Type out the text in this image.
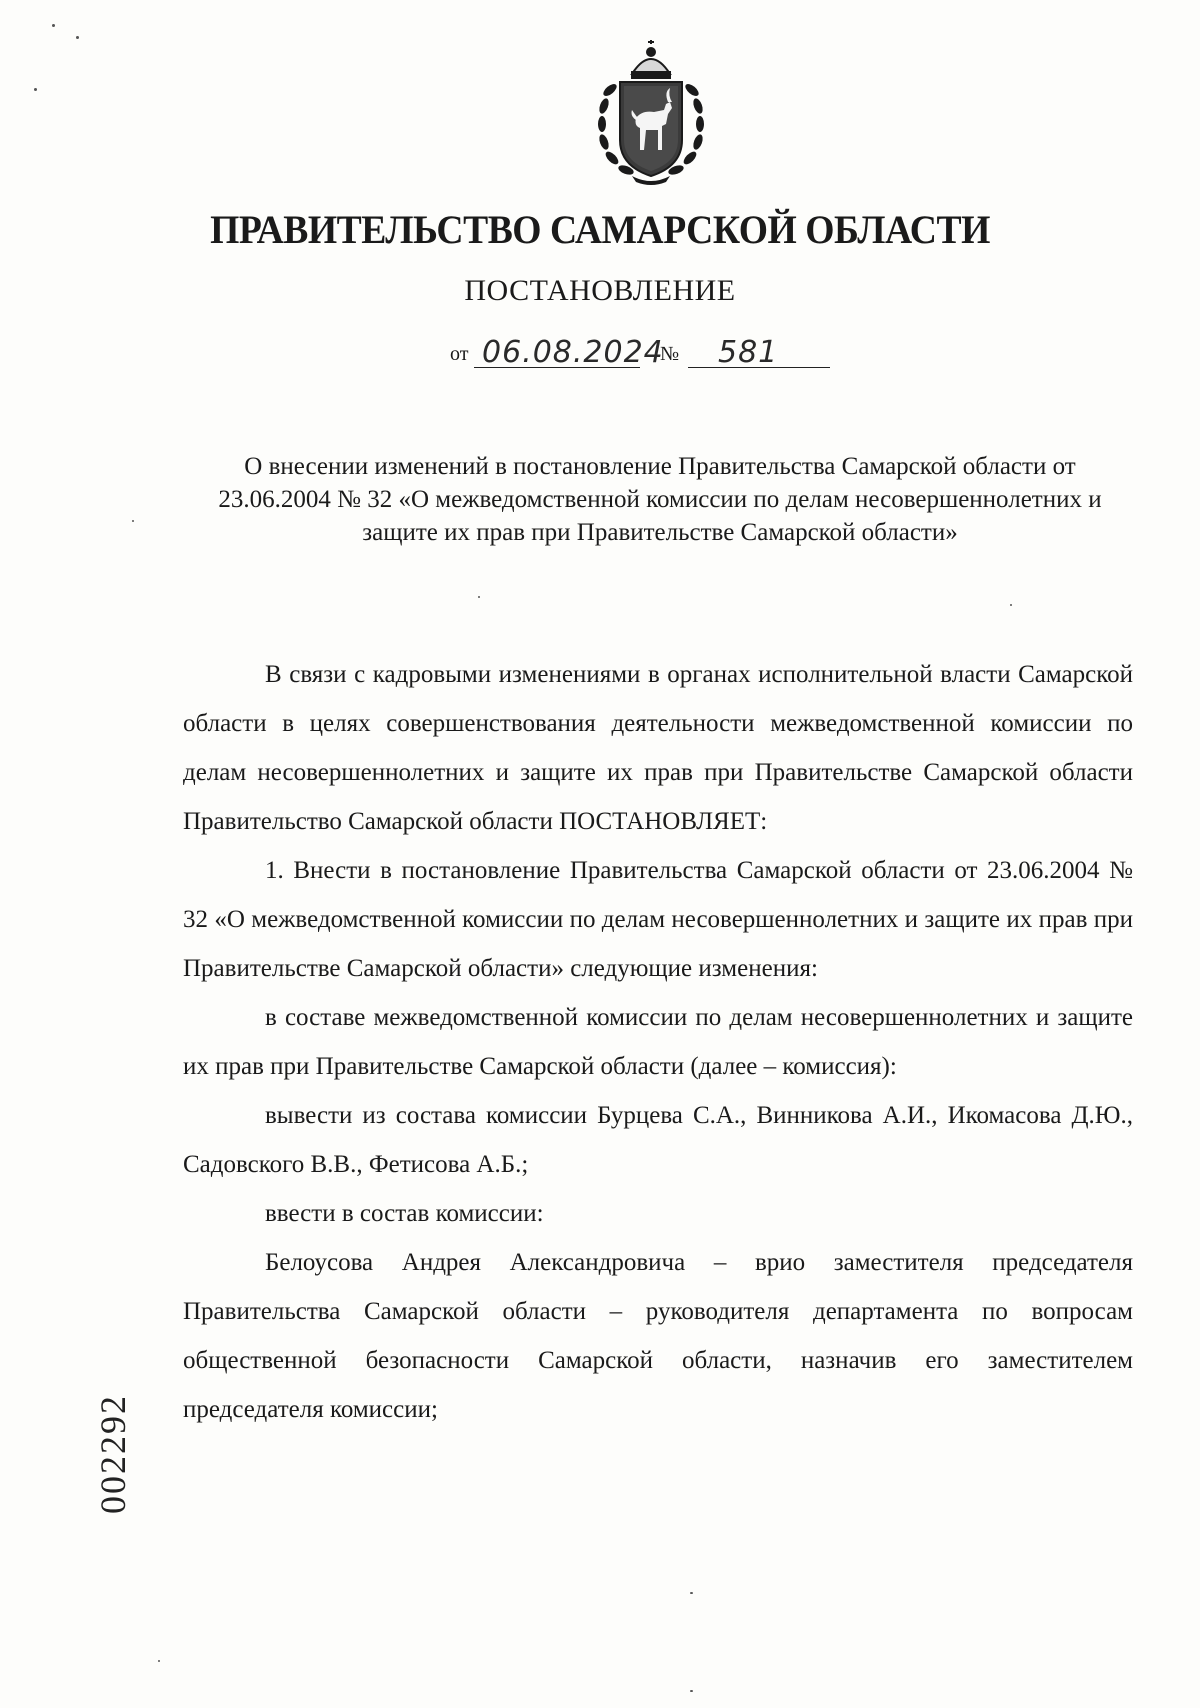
ПРАВИТЕЛЬСТВО САМАРСКОЙ ОБЛАСТИ
ПОСТАНОВЛЕНИЕ
от 06.08.2024
№ 581
О внесении изменений в постановление Правительства Самарской области от 23.06.2004 № 32 «О межведомственной комиссии по делам несовершеннолетних и защите их прав при Правительстве Самарской области»

В связи с кадровыми изменениями в органах исполнительной власти Самарской области в целях совершенствования деятельности межведомственной комиссии по делам несовершеннолетних и защите их прав при Правительстве Самарской области Правительство Самарской области ПОСТАНОВЛЯЕТ:

1. Внести в постановление Правительства Самарской области от 23.06.2004 № 32 «О межведомственной комиссии по делам несовершеннолетних и защите их прав при Правительстве Самарской области» следующие изменения:

в составе межведомственной комиссии по делам несовершеннолетних и защите их прав при Правительстве Самарской области (далее – комиссия):

вывести из состава комиссии Бурцева С.А., Винникова А.И., Икомасова Д.Ю., Садовского В.В., Фетисова А.Б.;

ввести в состав комиссии:

Белоусова Андрея Александровича – врио заместителя председателя Правительства Самарской области – руководителя департамента по вопросам общественной безопасности Самарской области, назначив его заместителем председателя комиссии;

002292
